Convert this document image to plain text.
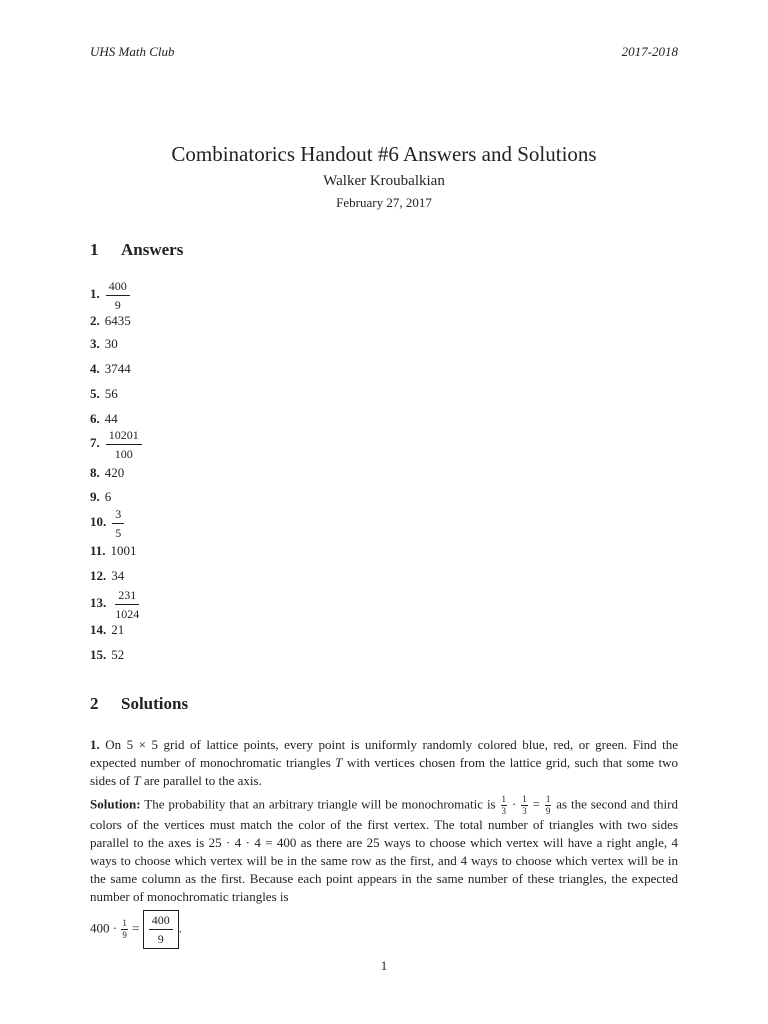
UHS Math Club	2017-2018
Combinatorics Handout #6 Answers and Solutions
Walker Kroubalkian
February 27, 2017
1 Answers
1. $\frac{400}{9}$
2. 6435
3. 30
4. 3744
5. 56
6. 44
7. $\frac{10201}{100}$
8. 420
9. 6
10. $\frac{3}{5}$
11. 1001
12. 34
13. $\frac{231}{1024}$
14. 21
15. 52
2 Solutions
1. On 5 × 5 grid of lattice points, every point is uniformly randomly colored blue, red, or green. Find the expected number of monochromatic triangles T with vertices chosen from the lattice grid, such that some two sides of T are parallel to the axis.
Solution: The probability that an arbitrary triangle will be monochromatic is $\frac{1}{3} \cdot \frac{1}{3} = \frac{1}{9}$ as the second and third colors of the vertices must match the color of the first vertex. The total number of triangles with two sides parallel to the axes is 25 · 4 · 4 = 400 as there are 25 ways to choose which vertex will have a right angle, 4 ways to choose which vertex will be in the same row as the first, and 4 ways to choose which vertex will be in the same column as the first. Because each point appears in the same number of these triangles, the expected number of monochromatic triangles is
$400 \cdot \frac{1}{9} = \frac{400}{9}$ .
1
